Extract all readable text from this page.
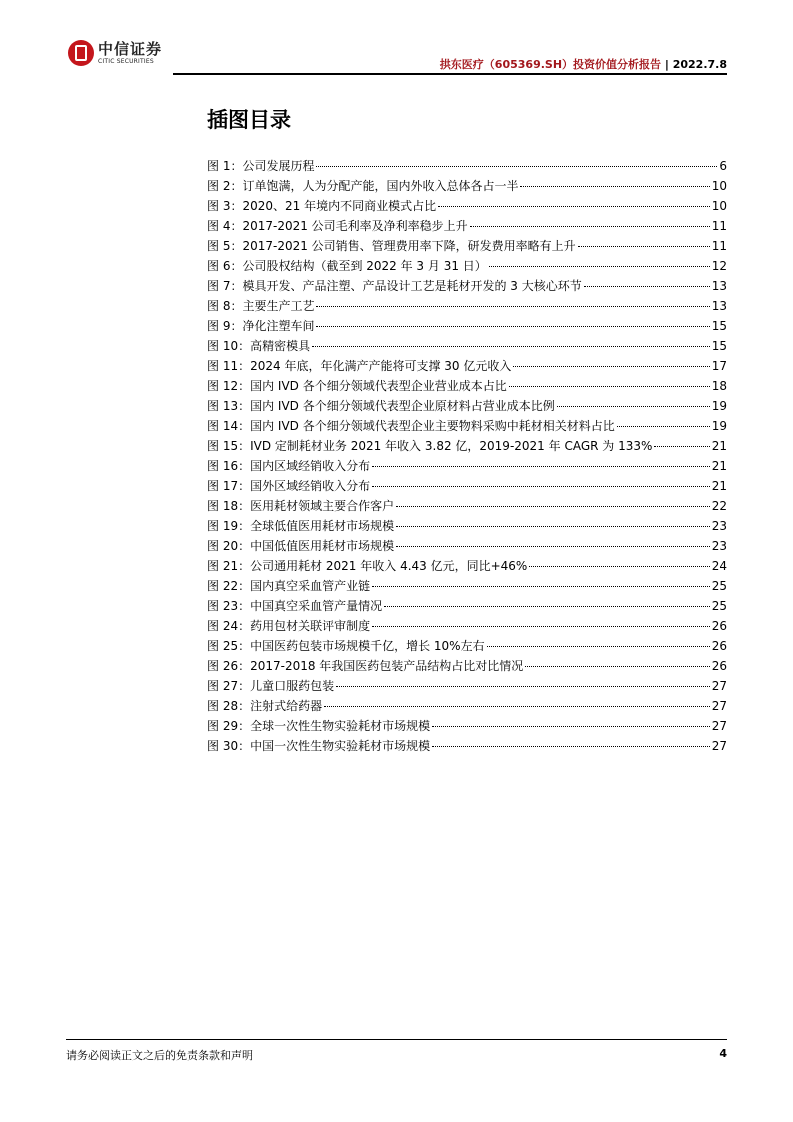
中信证券
CITIC SECURITIES	拱东医疗（605369.SH）投资价值分析报告 | 2022.7.8
插图目录
图 1：公司发展历程	6
图 2：订单饱满，人为分配产能，国内外收入总体各占一半	10
图 3：2020、21 年境内不同商业模式占比	10
图 4：2017-2021 公司毛利率及净利率稳步上升	11
图 5：2017-2021 公司销售、管理费用率下降，研发费用率略有上升	11
图 6：公司股权结构（截至到 2022 年 3 月 31 日）	12
图 7：模具开发、产品注塑、产品设计工艺是耗材开发的 3 大核心环节	13
图 8：主要生产工艺	13
图 9：净化注塑车间	15
图 10：高精密模具	15
图 11：2024 年底，年化满产产能将可支撑 30 亿元收入	17
图 12：国内 IVD 各个细分领域代表型企业营业成本占比	18
图 13：国内 IVD 各个细分领域代表型企业原材料占营业成本比例	19
图 14：国内 IVD 各个细分领域代表型企业主要物料采购中耗材相关材料占比	19
图 15：IVD 定制耗材业务 2021 年收入 3.82 亿，2019-2021 年 CAGR 为 133%	21
图 16：国内区域经销收入分布	21
图 17：国外区域经销收入分布	21
图 18：医用耗材领域主要合作客户	22
图 19：全球低值医用耗材市场规模	23
图 20：中国低值医用耗材市场规模	23
图 21：公司通用耗材 2021 年收入 4.43 亿元，同比+46%	24
图 22：国内真空采血管产业链	25
图 23：中国真空采血管产量情况	25
图 24：药用包材关联评审制度	26
图 25：中国医药包装市场规模千亿，增长 10%左右	26
图 26：2017-2018 年我国医药包装产品结构占比对比情况	26
图 27：儿童口服药包装	27
图 28：注射式给药器	27
图 29：全球一次性生物实验耗材市场规模	27
图 30：中国一次性生物实验耗材市场规模	27
请务必阅读正文之后的免责条款和声明	4
